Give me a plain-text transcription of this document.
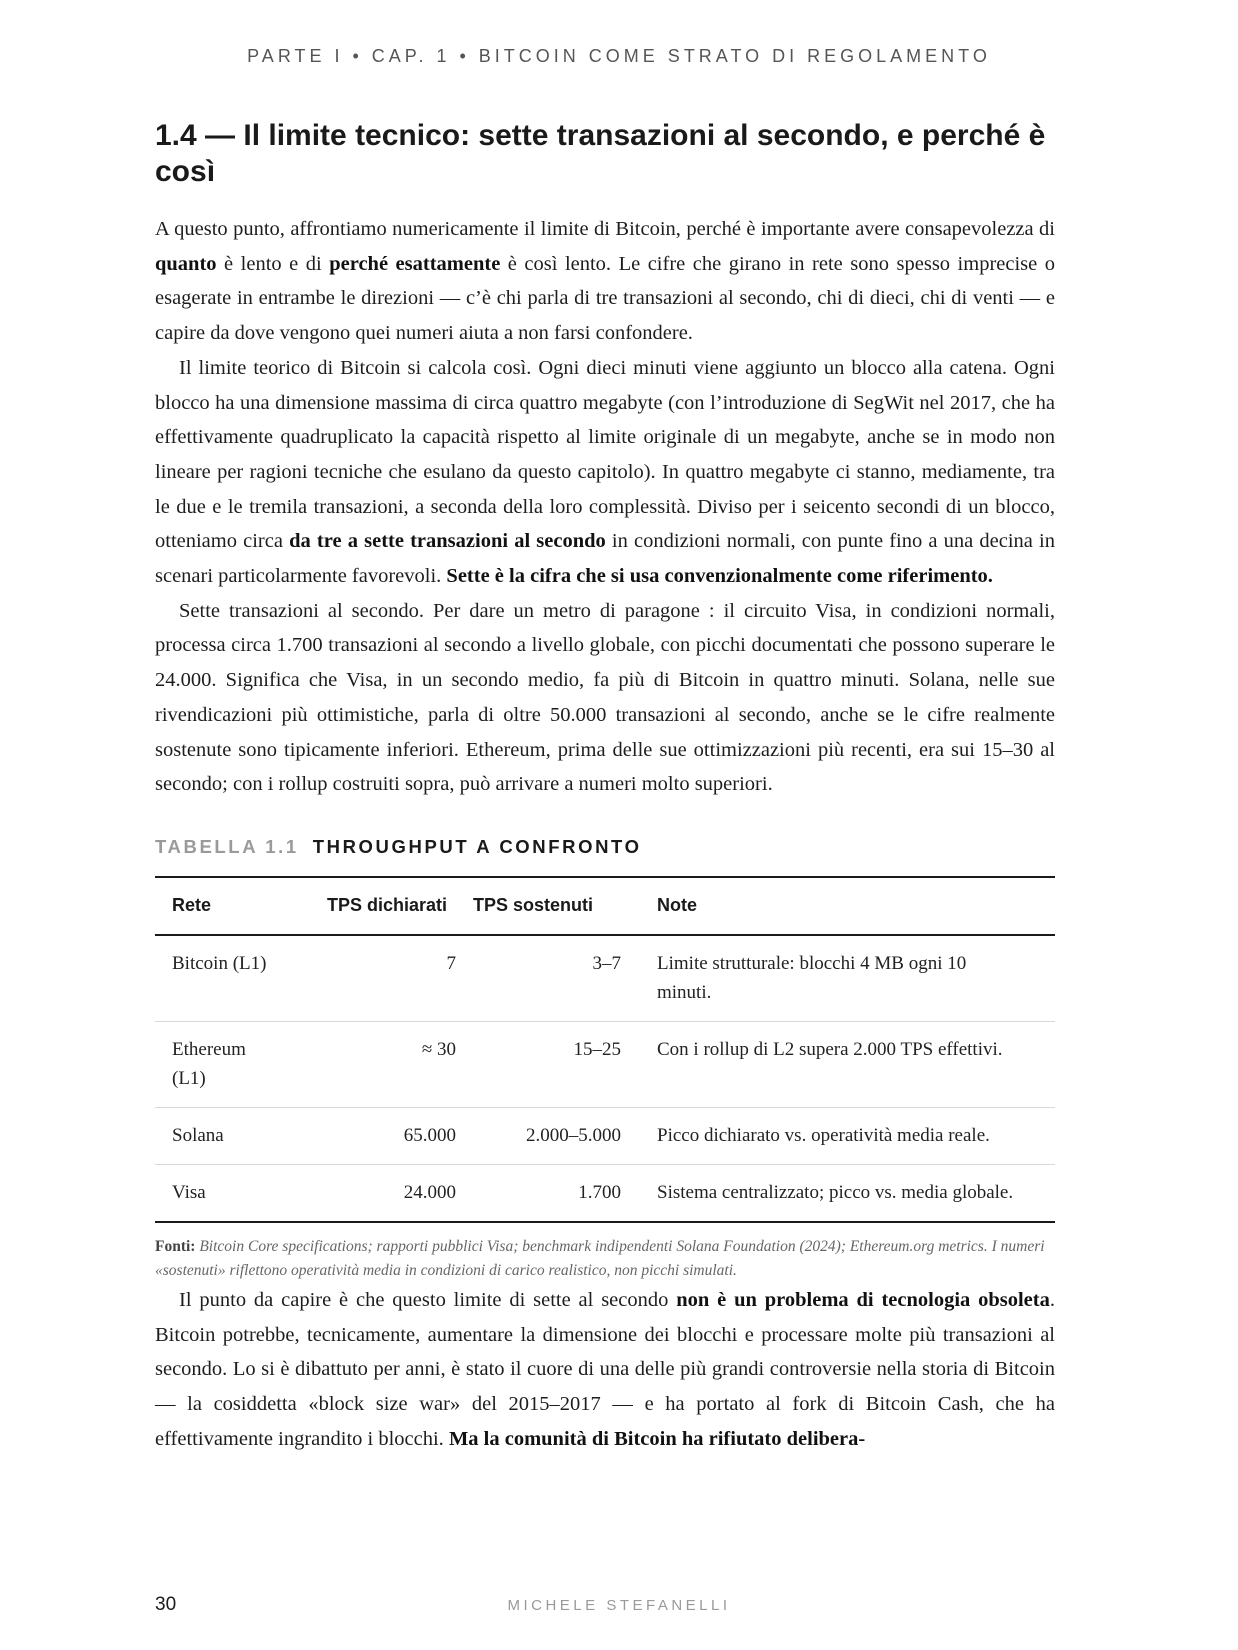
PARTE I • CAP. 1 • BITCOIN COME STRATO DI REGOLAMENTO
1.4 — Il limite tecnico: sette transazioni al secondo, e perché è così

A questo punto, affrontiamo numericamente il limite di Bitcoin, perché è importante avere consapevolezza di quanto è lento e di perché esattamente è così lento. Le cifre che girano in rete sono spesso imprecise o esagerate in entrambe le direzioni — c’è chi parla di tre transazioni al secondo, chi di dieci, chi di venti — e capire da dove vengono quei numeri aiuta a non farsi confondere.

Il limite teorico di Bitcoin si calcola così. Ogni dieci minuti viene aggiunto un blocco alla catena. Ogni blocco ha una dimensione massima di circa quattro megabyte (con l’introduzione di SegWit nel 2017, che ha effettivamente quadruplicato la capacità rispetto al limite originale di un megabyte, anche se in modo non lineare per ragioni tecniche che esulano da questo capitolo). In quattro megabyte ci stanno, mediamente, tra le due e le tremila transazioni, a seconda della loro complessità. Diviso per i seicento secondi di un blocco, otteniamo circa da tre a sette transazioni al secondo in condizioni normali, con punte fino a una decina in scenari particolarmente favorevoli. Sette è la cifra che si usa convenzionalmente come riferimento.

Sette transazioni al secondo. Per dare un metro di paragone : il circuito Visa, in condizioni normali, processa circa 1.700 transazioni al secondo a livello globale, con picchi documentati che possono superare le 24.000. Significa che Visa, in un secondo medio, fa più di Bitcoin in quattro minuti. Solana, nelle sue rivendicazioni più ottimistiche, parla di oltre 50.000 transazioni al secondo, anche se le cifre realmente sostenute sono tipicamente inferiori. Ethereum, prima delle sue ottimizzazioni più recenti, era sui 15–30 al secondo; con i rollup costruiti sopra, può arrivare a numeri molto superiori.

TABELLA 1.1 THROUGHPUT A CONFRONTO
Rete	TPS dichiarati	TPS sostenuti	Note
Bitcoin (L1)	7	3–7	Limite strutturale: blocchi 4 MB ogni 10 minuti.
Ethereum (L1)	≈ 30	15–25	Con i rollup di L2 supera 2.000 TPS effettivi.
Solana	65.000	2.000–5.000	Picco dichiarato vs. operatività media reale.
Visa	24.000	1.700	Sistema centralizzato; picco vs. media globale.
Fonti: Bitcoin Core specifications; rapporti pubblici Visa; benchmark indipendenti Solana Foundation (2024); Ethereum.org metrics. I numeri «sostenuti» riflettono operatività media in condizioni di carico realistico, non picchi simulati.

Il punto da capire è che questo limite di sette al secondo non è un problema di tecnologia obsoleta. Bitcoin potrebbe, tecnicamente, aumentare la dimensione dei blocchi e processare molte più transazioni al secondo. Lo si è dibattuto per anni, è stato il cuore di una delle più grandi controversie nella storia di Bitcoin — la cosiddetta «block size war» del 2015–2017 — e ha portato al fork di Bitcoin Cash, che ha effettivamente ingrandito i blocchi. Ma la comunità di Bitcoin ha rifiutato delibera-

30	MICHELE STEFANELLI
